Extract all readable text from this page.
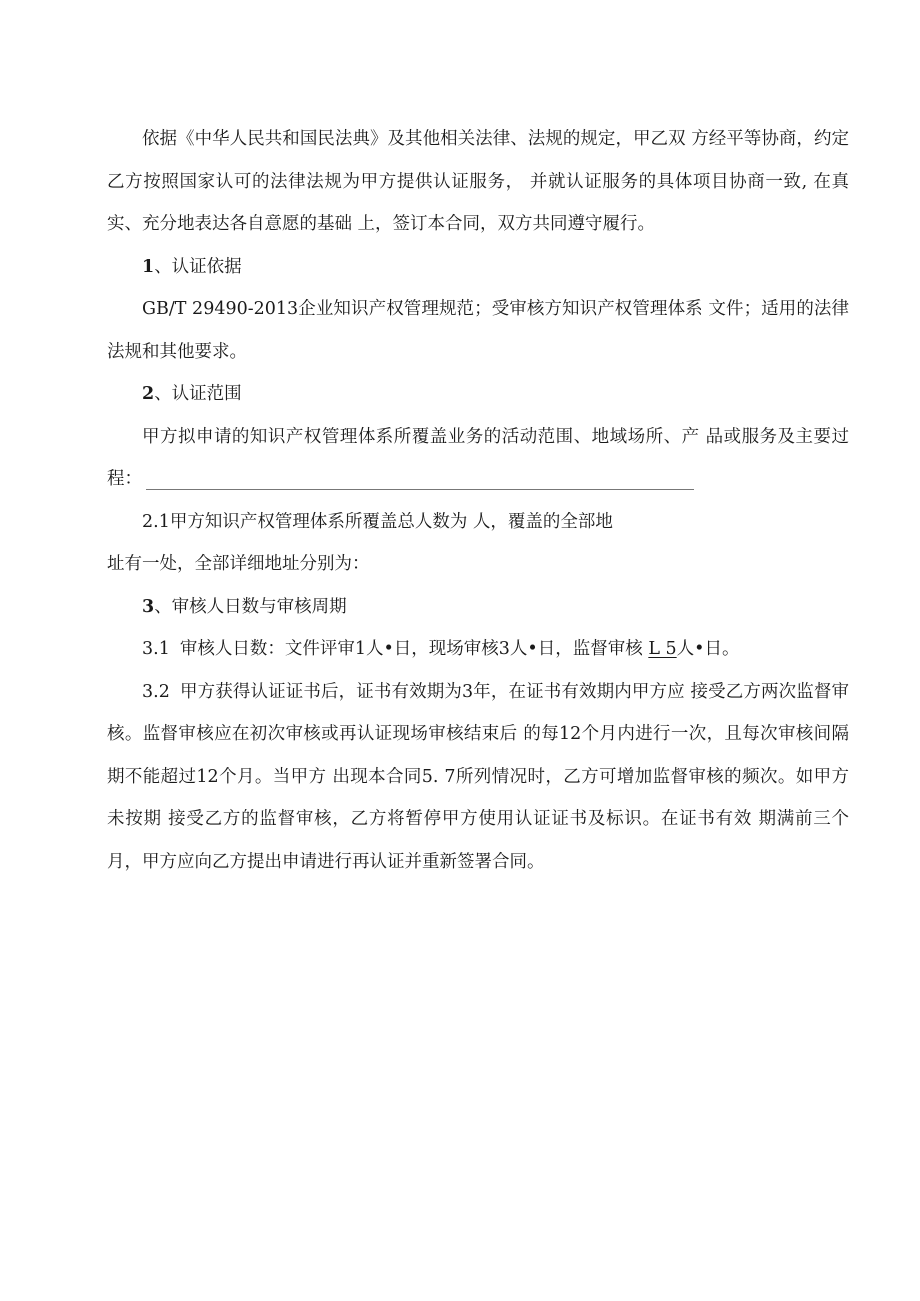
依据《中华人民共和国民法典》及其他相关法律、法规的规定，甲乙双 方经平等协商，约定乙方按照国家认可的法律法规为甲方提供认证服务， 并就认证服务的具体项目协商一致, 在真实、充分地表达各自意愿的基础 上，签订本合同，双方共同遵守履行。

1、认证依据

GB/T 29490-2013企业知识产权管理规范；受审核方知识产权管理体系 文件；适用的法律法规和其他要求。

2、认证范围

甲方拟申请的知识产权管理体系所覆盖业务的活动范围、地域场所、产 品或服务及主要过程：

2.1甲方知识产权管理体系所覆盖总人数为 人，覆盖的全部地

址有一处，全部详细地址分别为：

3、审核人日数与审核周期

3.1 审核人日数：文件评审1人•日，现场审核3人•日，监督审核 L 5人•日。

3.2 甲方获得认证证书后，证书有效期为3年，在证书有效期内甲方应 接受乙方两次监督审核。监督审核应在初次审核或再认证现场审核结束后 的每12个月内进行一次，且每次审核间隔期不能超过12个月。当甲方 出现本合同5. 7所列情况时，乙方可增加监督审核的频次。如甲方未按期 接受乙方的监督审核，乙方将暂停甲方使用认证证书及标识。在证书有效 期满前三个月，甲方应向乙方提出申请进行再认证并重新签署合同。
